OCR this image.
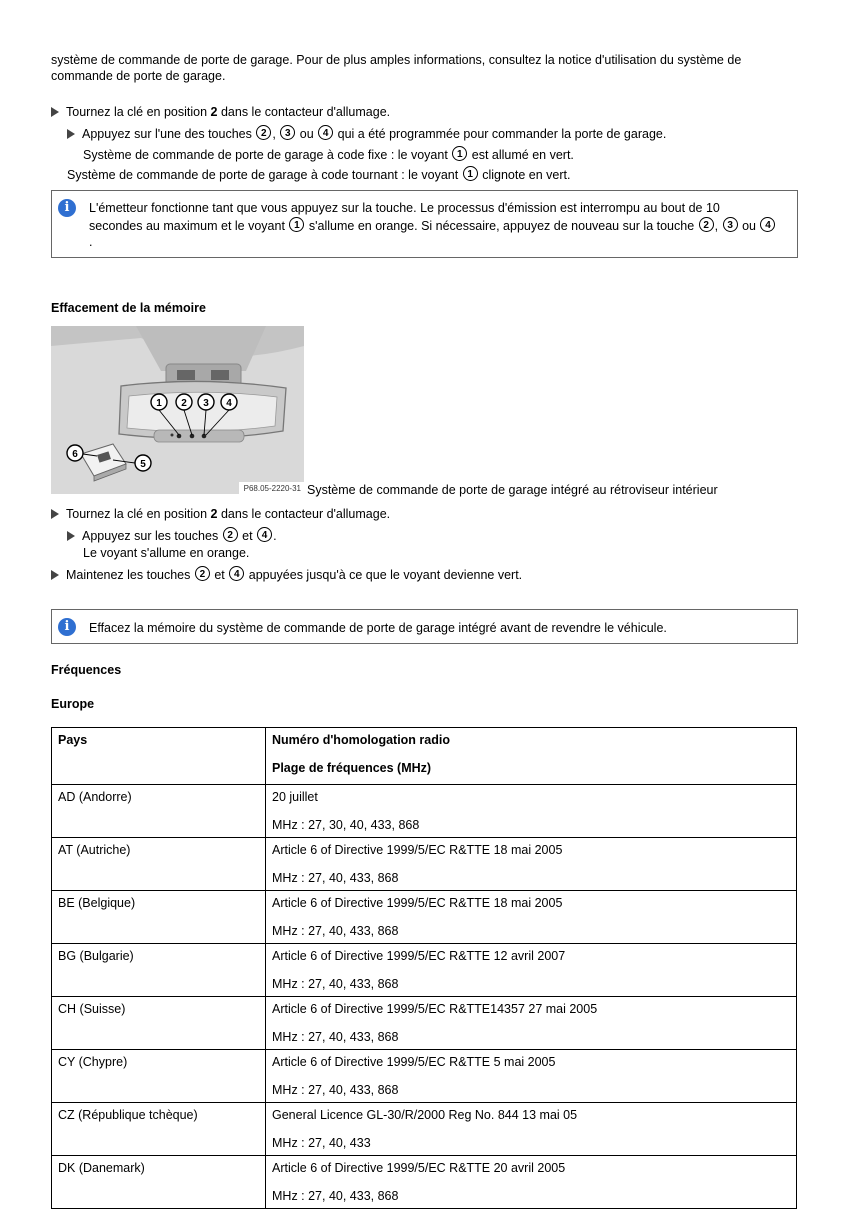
système de commande de porte de garage. Pour de plus amples informations, consultez la notice d'utilisation du système de
commande de porte de garage.
Tournez la clé en position 2 dans le contacteur d'allumage.
Appuyez sur l'une des touches 2 , 3 ou 4 qui a été programmée pour commander la porte de garage.
Système de commande de porte de garage à code fixe : le voyant 1 est allumé en vert.
Système de commande de porte de garage à code tournant : le voyant 1 clignote en vert.
i	L'émetteur fonctionne tant que vous appuyez sur la touche. Le processus d'émission est interrompu au bout de 10
secondes au maximum et le voyant 1 s'allume en orange. Si nécessaire, appuyez de nouveau sur la touche 2 , 3 ou 4
.
Effacement de la mémoire
1 2 3 4
6
5
P68.05-2220-31 Système de commande de porte de garage intégré au rétroviseur intérieur
Tournez la clé en position 2 dans le contacteur d'allumage.
Appuyez sur les touches 2 et 4 .
Le voyant s'allume en orange.
Maintenez les touches 2 et 4 appuyées jusqu'à ce que le voyant devienne vert.
i	Effacez la mémoire du système de commande de porte de garage intégré avant de revendre le véhicule.
Fréquences
Europe
Pays	Numéro d'homologation radio
Plage de fréquences (MHz)

AD (Andorre)	20 juillet
MHz : 27, 30, 40, 433, 868

AT (Autriche)	Article 6 of Directive 1999/5/EC R&TTE 18 mai 2005
MHz : 27, 40, 433, 868

BE (Belgique)	Article 6 of Directive 1999/5/EC R&TTE 18 mai 2005
MHz : 27, 40, 433, 868

BG (Bulgarie)	Article 6 of Directive 1999/5/EC R&TTE 12 avril 2007
MHz : 27, 40, 433, 868

CH (Suisse)	Article 6 of Directive 1999/5/EC R&TTE14357 27 mai 2005
MHz : 27, 40, 433, 868

CY (Chypre)	Article 6 of Directive 1999/5/EC R&TTE 5 mai 2005
MHz : 27, 40, 433, 868

CZ (République tchèque)	General Licence GL-30/R/2000 Reg No. 844 13 mai 05
MHz : 27, 40, 433

DK (Danemark)	Article 6 of Directive 1999/5/EC R&TTE 20 avril 2005
MHz : 27, 40, 433, 868
